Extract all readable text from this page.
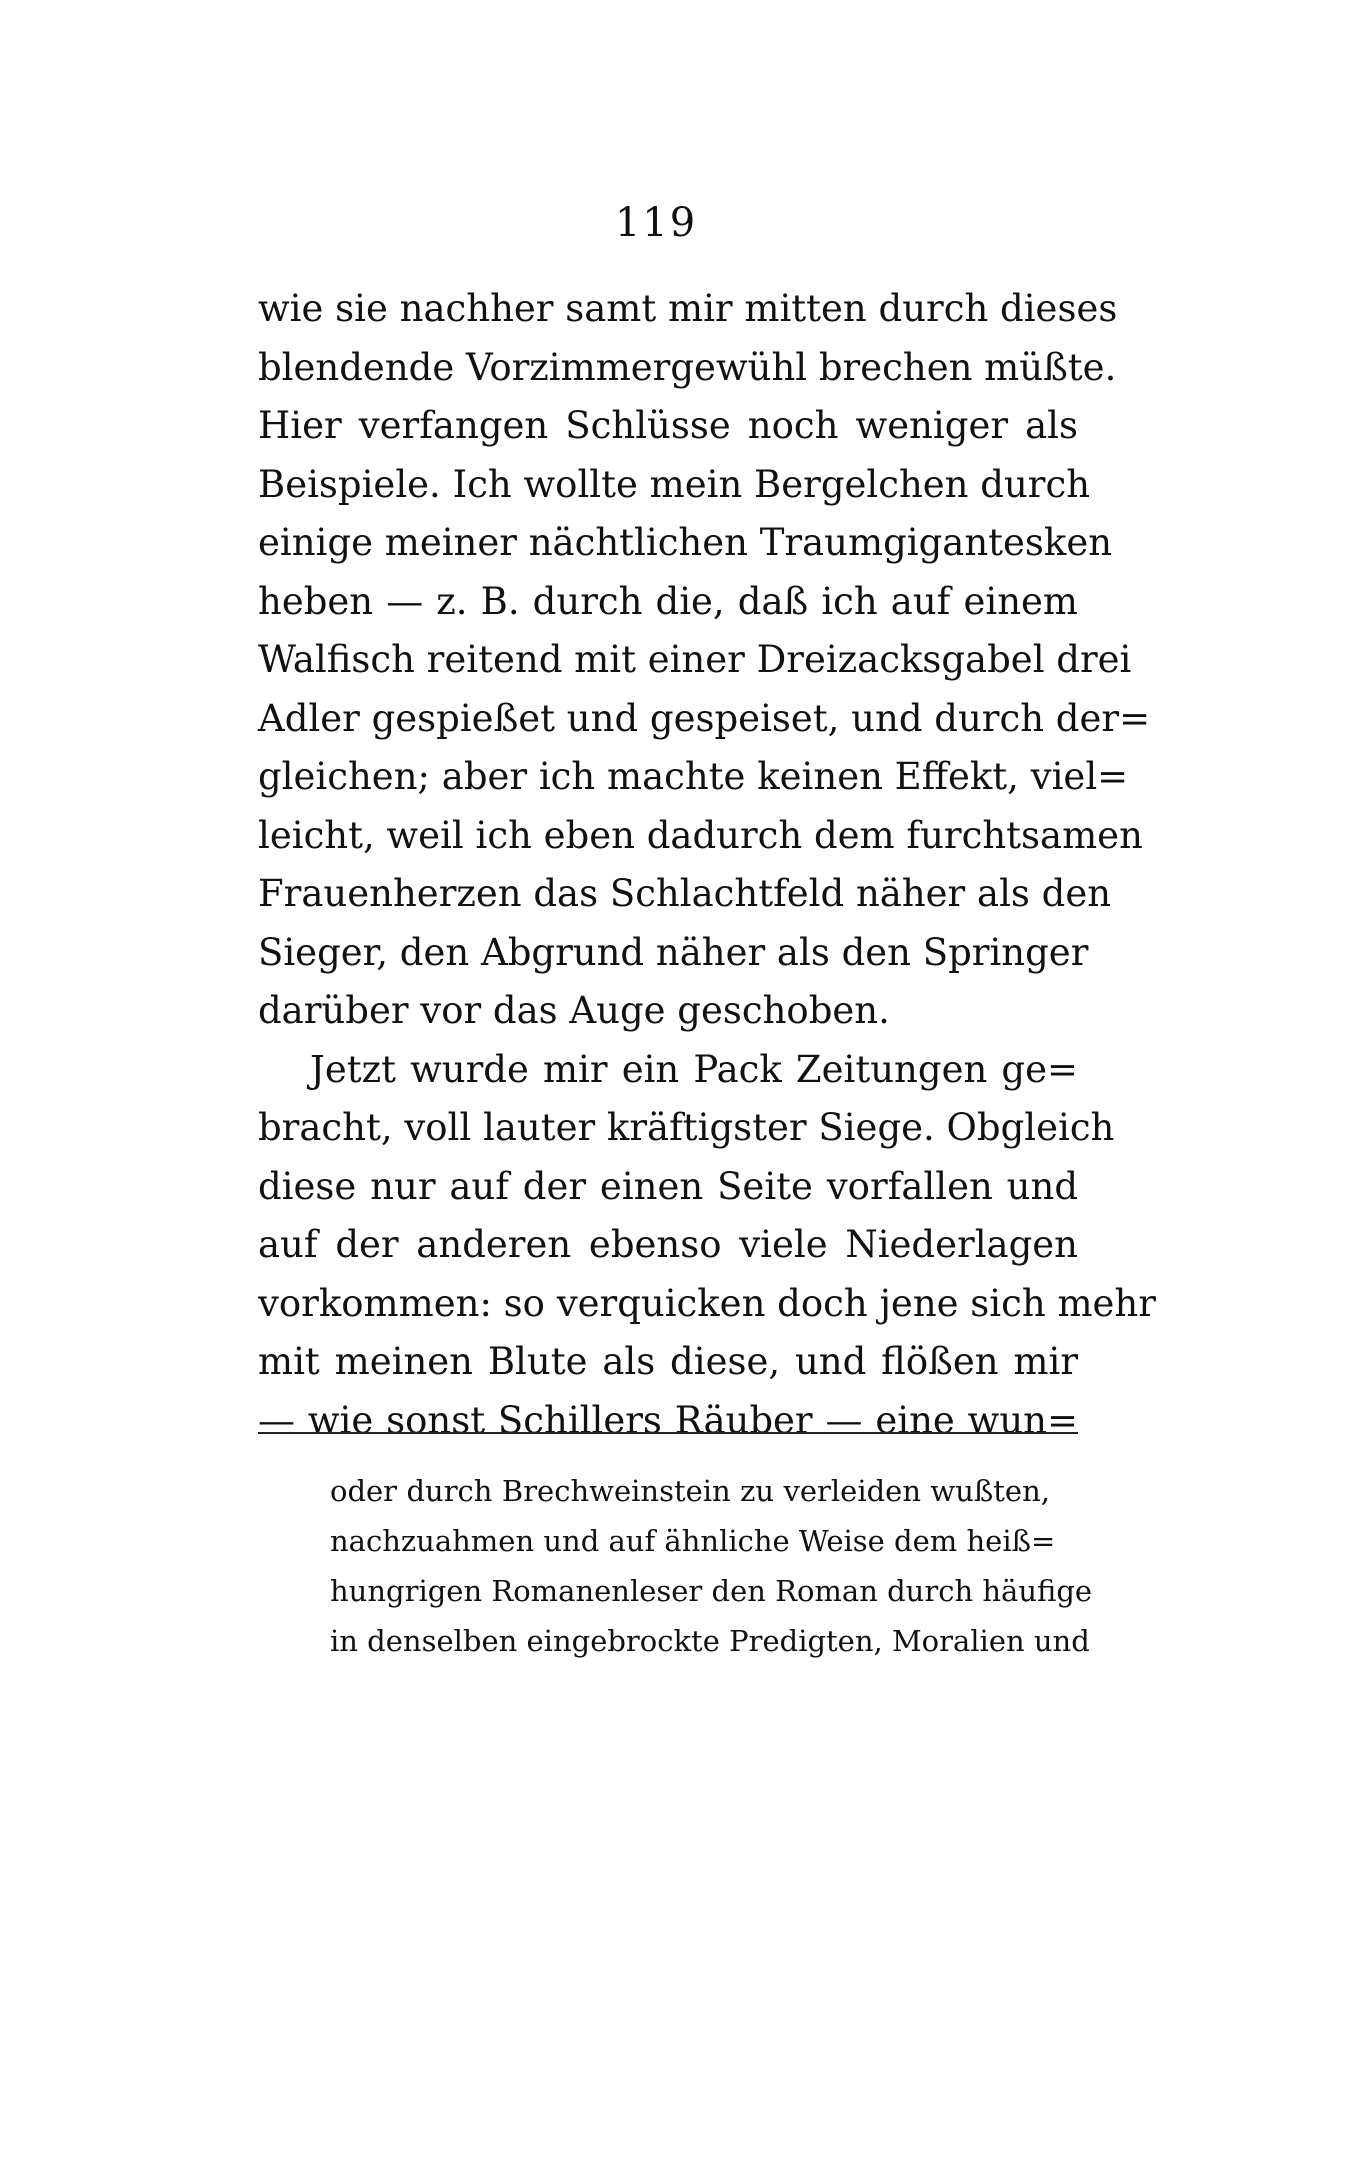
119
wie sie nachher samt mir mitten durch dieses
blendende Vorzimmergewühl brechen müßte.
Hier verfangen Schlüsse noch weniger als
Beispiele. Ich wollte mein Bergelchen durch
einige meiner nächtlichen Traumgigantesken
heben — z. B. durch die, daß ich auf einem
Walfisch reitend mit einer Dreizacksgabel drei
Adler gespießet und gespeiset, und durch der=
gleichen; aber ich machte keinen Effekt, viel=
leicht, weil ich eben dadurch dem furchtsamen
Frauenherzen das Schlachtfeld näher als den
Sieger, den Abgrund näher als den Springer
darüber vor das Auge geschoben.
Jetzt wurde mir ein Pack Zeitungen ge=
bracht, voll lauter kräftigster Siege. Obgleich
diese nur auf der einen Seite vorfallen und
auf der anderen ebenso viele Niederlagen
vorkommen: so verquicken doch jene sich mehr
mit meinen Blute als diese, und flößen mir
— wie sonst Schillers Räuber — eine wun=
oder durch Brechweinstein zu verleiden wußten,
nachzuahmen und auf ähnliche Weise dem heiß=
hungrigen Romanenleser den Roman durch häufige
in denselben eingebrockte Predigten, Moralien und
